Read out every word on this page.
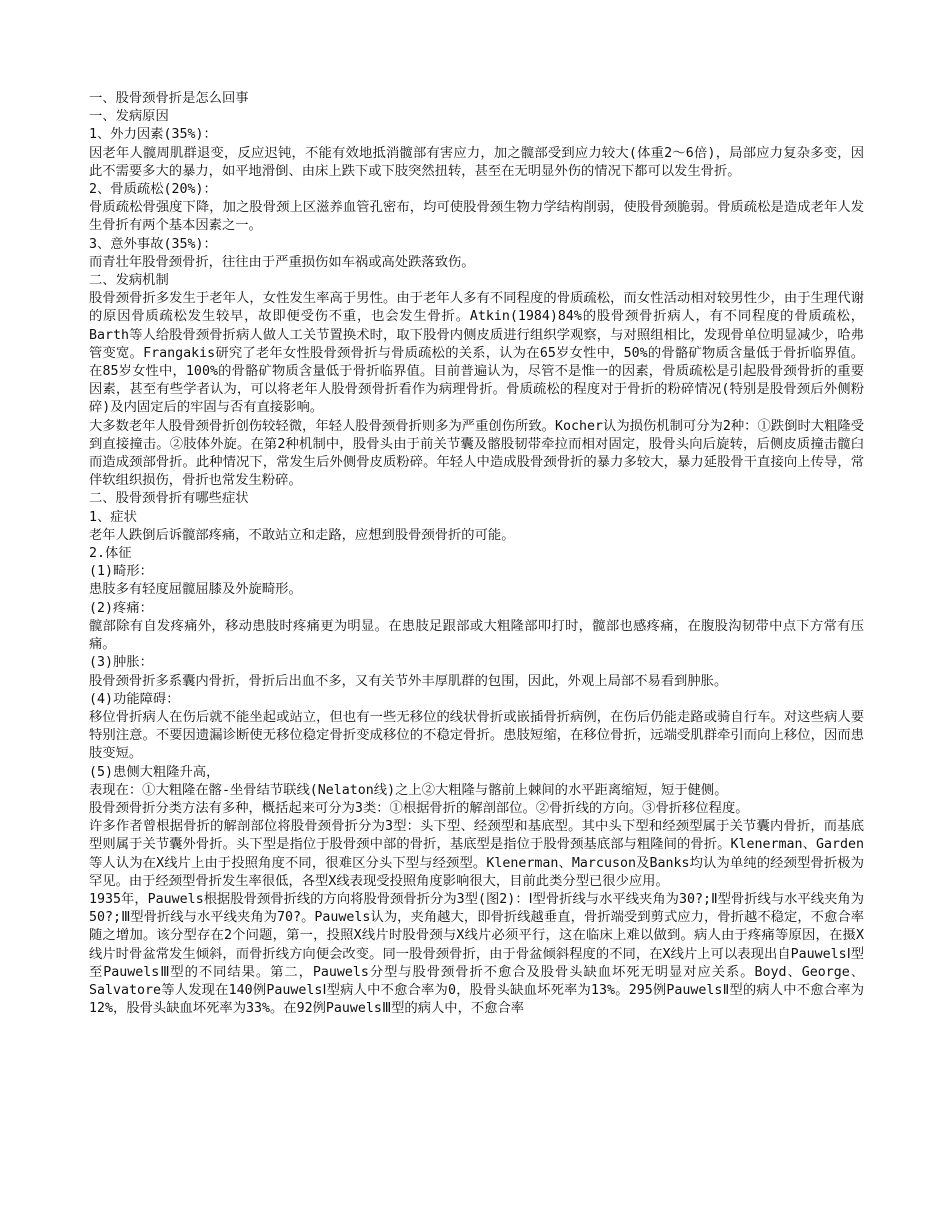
一、股骨颈骨折是怎么回事

一、发病原因

1、外力因素(35%)：

因老年人髋周肌群退变，反应迟钝，不能有效地抵消髋部有害应力，加之髋部受到应力较大(体重2～6倍)，局部应力复杂多变，因此不需要多大的暴力，如平地滑倒、由床上跌下或下肢突然扭转，甚至在无明显外伤的情况下都可以发生骨折。

2、骨质疏松(20%)：

骨质疏松骨强度下降，加之股骨颈上区滋养血管孔密布，均可使股骨颈生物力学结构削弱，使股骨颈脆弱。骨质疏松是造成老年人发生骨折有两个基本因素之一。

3、意外事故(35%)：

而青壮年股骨颈骨折，往往由于严重损伤如车祸或高处跌落致伤。

二、发病机制

股骨颈骨折多发生于老年人，女性发生率高于男性。由于老年人多有不同程度的骨质疏松，而女性活动相对较男性少，由于生理代谢的原因骨质疏松发生较早，故即便受伤不重，也会发生骨折。Atkin(1984)84%的股骨颈骨折病人，有不同程度的骨质疏松，Barth等人给股骨颈骨折病人做人工关节置换术时，取下股骨内侧皮质进行组织学观察，与对照组相比，发现骨单位明显减少，哈弗管变宽。Frangakis研究了老年女性股骨颈骨折与骨质疏松的关系，认为在65岁女性中，50%的骨骼矿物质含量低于骨折临界值。在85岁女性中，100%的骨骼矿物质含量低于骨折临界值。目前普遍认为，尽管不是惟一的因素，骨质疏松是引起股骨颈骨折的重要因素，甚至有些学者认为，可以将老年人股骨颈骨折看作为病理骨折。骨质疏松的程度对于骨折的粉碎情况(特别是股骨颈后外侧粉碎)及内固定后的牢固与否有直接影响。

大多数老年人股骨颈骨折创伤较轻微，年轻人股骨颈骨折则多为严重创伤所致。Kocher认为损伤机制可分为2种：①跌倒时大粗隆受到直接撞击。②肢体外旋。在第2种机制中，股骨头由于前关节囊及髂股韧带牵拉而相对固定，股骨头向后旋转，后侧皮质撞击髋臼而造成颈部骨折。此种情况下，常发生后外侧骨皮质粉碎。年轻人中造成股骨颈骨折的暴力多较大，暴力延股骨干直接向上传导，常伴软组织损伤，骨折也常发生粉碎。

二、股骨颈骨折有哪些症状

1、症状

老年人跌倒后诉髋部疼痛，不敢站立和走路，应想到股骨颈骨折的可能。

2.体征

(1)畸形：

患肢多有轻度屈髋屈膝及外旋畸形。

(2)疼痛：

髋部除有自发疼痛外，移动患肢时疼痛更为明显。在患肢足跟部或大粗隆部叩打时，髋部也感疼痛，在腹股沟韧带中点下方常有压痛。

(3)肿胀：

股骨颈骨折多系囊内骨折，骨折后出血不多，又有关节外丰厚肌群的包围，因此，外观上局部不易看到肿胀。

(4)功能障碍：

移位骨折病人在伤后就不能坐起或站立，但也有一些无移位的线状骨折或嵌插骨折病例，在伤后仍能走路或骑自行车。对这些病人要特别注意。不要因遗漏诊断使无移位稳定骨折变成移位的不稳定骨折。患肢短缩，在移位骨折，远端受肌群牵引而向上移位，因而患肢变短。

(5)患侧大粗隆升高，

表现在：①大粗隆在髂-坐骨结节联线(Nelaton线)之上②大粗隆与髂前上棘间的水平距离缩短，短于健侧。

股骨颈骨折分类方法有多种，概括起来可分为3类：①根据骨折的解剖部位。②骨折线的方向。③骨折移位程度。

许多作者曾根据骨折的解剖部位将股骨颈骨折分为3型：头下型、经颈型和基底型。其中头下型和经颈型属于关节囊内骨折，而基底型则属于关节囊外骨折。头下型是指位于股骨颈中部的骨折，基底型是指位于股骨颈基底部与粗隆间的骨折。Klenerman、Garden等人认为在X线片上由于投照角度不同，很难区分头下型与经颈型。Klenerman、Marcuson及Banks均认为单纯的经颈型骨折极为罕见。由于经颈型骨折发生率很低，各型X线表现受投照角度影响很大，目前此类分型已很少应用。

1935年，Pauwels根据股骨颈骨折线的方向将股骨颈骨折分为3型(图2)：Ⅰ型骨折线与水平线夹角为30?;Ⅱ型骨折线与水平线夹角为50?;Ⅲ型骨折线与水平线夹角为70?。Pauwels认为，夹角越大，即骨折线越垂直，骨折端受到剪式应力，骨折越不稳定，不愈合率随之增加。该分型存在2个问题，第一，投照X线片时股骨颈与X线片必须平行，这在临床上难以做到。病人由于疼痛等原因，在摄X线片时骨盆常发生倾斜，而骨折线方向便会改变。同一股骨颈骨折，由于骨盆倾斜程度的不同，在X线片上可以表现出自PauwelsⅠ型至PauwelsⅢ型的不同结果。第二，Pauwels分型与股骨颈骨折不愈合及股骨头缺血坏死无明显对应关系。Boyd、George、Salvatore等人发现在140例PauwelsⅠ型病人中不愈合率为0，股骨头缺血坏死率为13%。295例PauwelsⅡ型的病人中不愈合率为12%，股骨头缺血坏死率为33%。在92例PauwelsⅢ型的病人中，不愈合率
